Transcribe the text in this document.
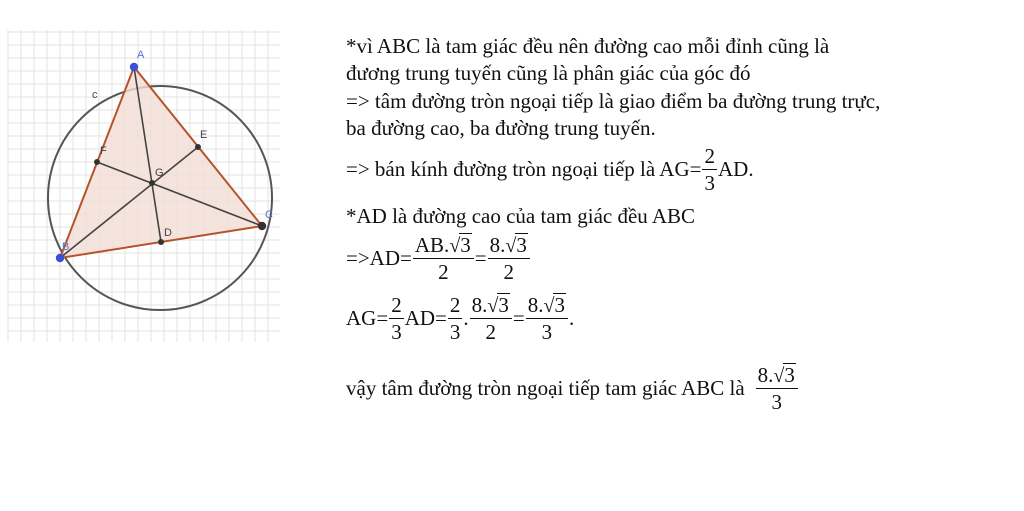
A
B
C
D
E
F
G
c
*vì ABC là tam giác đều nên đường cao mỗi đỉnh cũng là
đương trung tuyến cũng là phân giác của góc đó
=> tâm đường tròn ngoại tiếp là giao điểm ba đường trung trực,
ba đường cao, ba đường trung tuyến.
=> bán kính đường tròn ngoại tiếp là $AG= \frac{2}{3}$ AD.
*AD là đường cao của tam giác đều ABC
$=>AD= \frac{AB. √ 3}{2} = \frac{8. √ 3}{2}$
$AG= \frac{2}{3} AD= \frac{2}{3}$ . $\frac{8. √ 3}{2} = \frac{8. √ 3}{3}$ .
vậy tâm đường tròn ngoại tiếp tam giác ABC là $\frac{8. √ 3}{3}$
